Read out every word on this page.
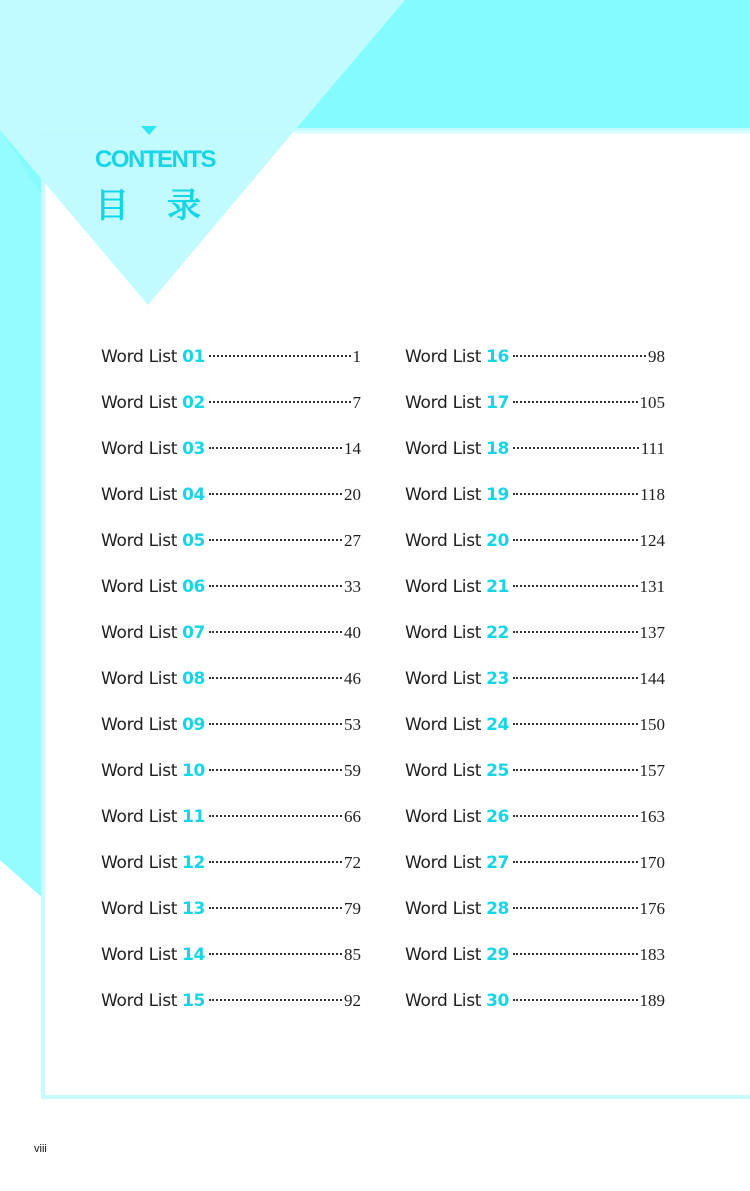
CONTENTS
目录
Word List 01	1
Word List 02	7
Word List 03	14
Word List 04	20
Word List 05	27
Word List 06	33
Word List 07	40
Word List 08	46
Word List 09	53
Word List 10	59
Word List 11	66
Word List 12	72
Word List 13	79
Word List 14	85
Word List 15	92
Word List 16	98
Word List 17	105
Word List 18	111
Word List 19	118
Word List 20	124
Word List 21	131
Word List 22	137
Word List 23	144
Word List 24	150
Word List 25	157
Word List 26	163
Word List 27	170
Word List 28	176
Word List 29	183
Word List 30	189
viii
